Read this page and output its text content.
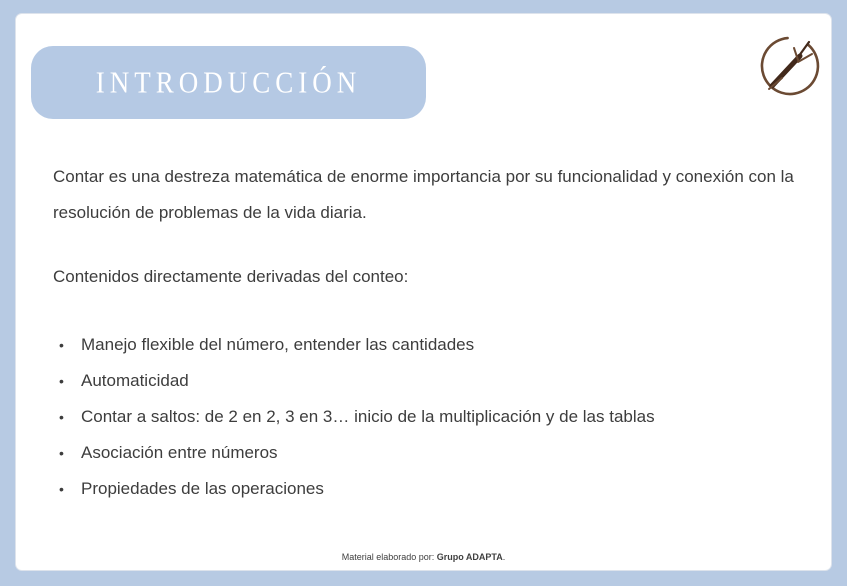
INTRODUCCIÓN

Contar es una destreza matemática de enorme importancia por su funcionalidad y conexión con la resolución de problemas de la vida diaria.

Contenidos directamente derivadas del conteo:

•	Manejo flexible del número, entender las cantidades
•	Automaticidad
•	Contar a saltos: de 2 en 2, 3 en 3… inicio de la multiplicación y de las tablas
•	Asociación entre números
•	Propiedades de las operaciones
Material elaborado por: Grupo ADAPTA.
